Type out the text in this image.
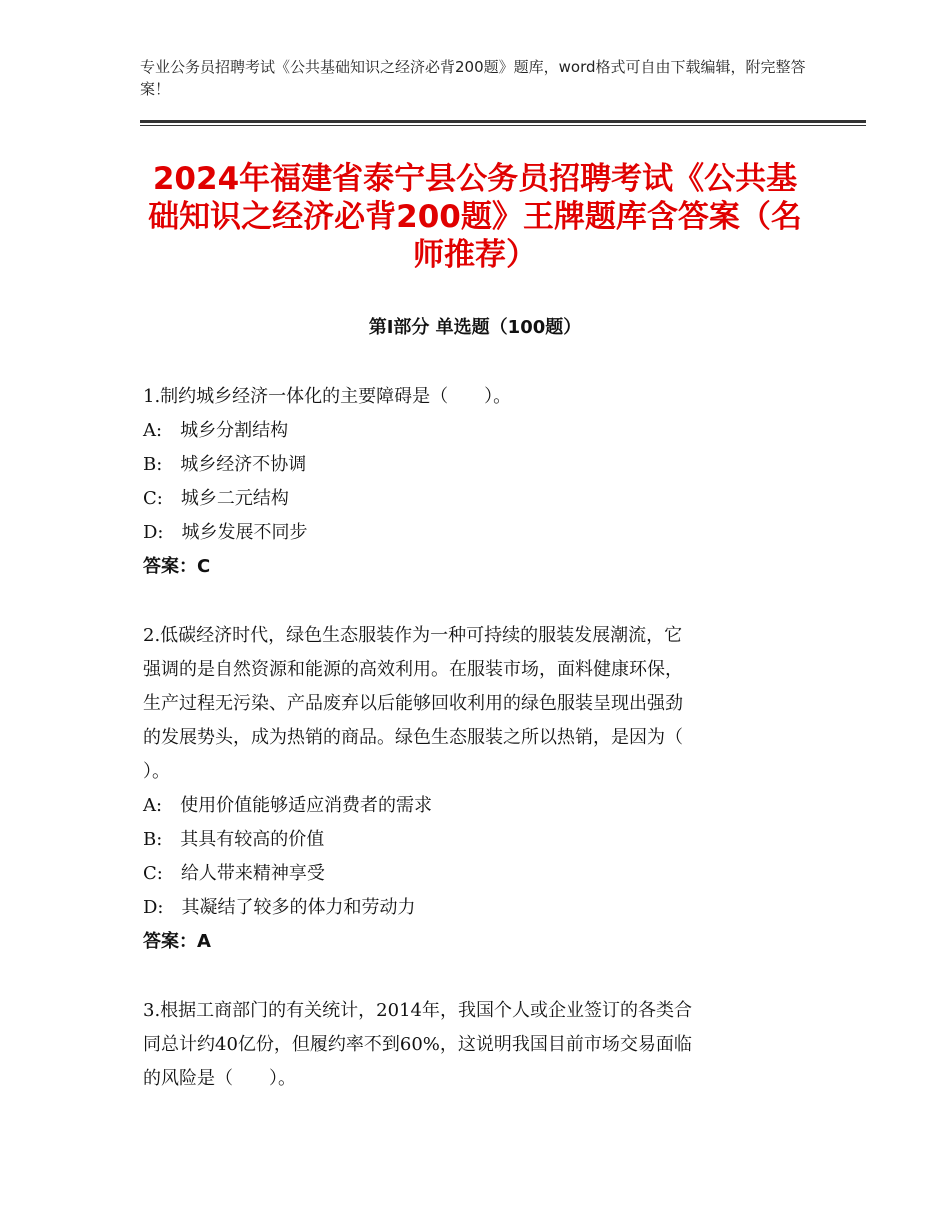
专业公务员招聘考试《公共基础知识之经济必背200题》题库，word格式可自由下载编辑，附完整答案！
2024年福建省泰宁县公务员招聘考试《公共基础知识之经济必背200题》王牌题库含答案（名师推荐）
第Ⅰ部分 单选题（100题）
1.制约城乡经济一体化的主要障碍是（　　）。
A:　城乡分割结构
B:　城乡经济不协调
C:　城乡二元结构
D:　城乡发展不同步
答案：C
2.低碳经济时代，绿色生态服装作为一种可持续的服装发展潮流，它
强调的是自然资源和能源的高效利用。在服装市场，面料健康环保，
生产过程无污染、产品废弃以后能够回收利用的绿色服装呈现出强劲
的发展势头，成为热销的商品。绿色生态服装之所以热销，是因为（
）。
A:　使用价值能够适应消费者的需求
B:　其具有较高的价值
C:　给人带来精神享受
D:　其凝结了较多的体力和劳动力
答案：A
3.根据工商部门的有关统计，2014年，我国个人或企业签订的各类合
同总计约40亿份，但履约率不到60%，这说明我国目前市场交易面临
的风险是（　　）。
